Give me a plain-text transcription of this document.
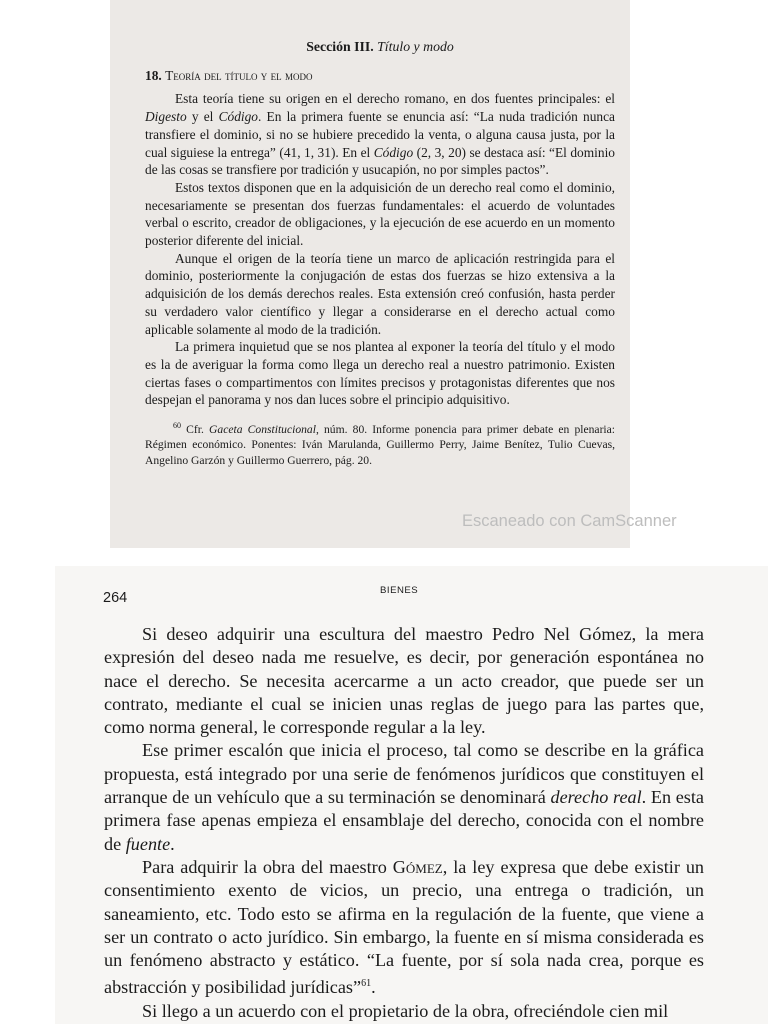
Sección III. Título y modo

18. Teoría del título y el modo

Esta teoría tiene su origen en el derecho romano, en dos fuentes principales: el Digesto y el Código. En la primera fuente se enuncia así: “La nuda tradición nunca transfiere el dominio, si no se hubiere precedido la venta, o alguna causa justa, por la cual siguiese la entrega” (41, 1, 31). En el Código (2, 3, 20) se destaca así: “El dominio de las cosas se transfiere por tradición y usucapión, no por simples pactos”.

Estos textos disponen que en la adquisición de un derecho real como el dominio, necesariamente se presentan dos fuerzas fundamentales: el acuerdo de voluntades verbal o escrito, creador de obligaciones, y la ejecución de ese acuerdo en un momento posterior diferente del inicial.

Aunque el origen de la teoría tiene un marco de aplicación restringida para el dominio, posteriormente la conjugación de estas dos fuerzas se hizo extensiva a la adquisición de los demás derechos reales. Esta extensión creó confusión, hasta perder su verdadero valor científico y llegar a considerarse en el derecho actual como aplicable solamente al modo de la tradición.

La primera inquietud que se nos plantea al exponer la teoría del título y el modo es la de averiguar la forma como llega un derecho real a nuestro patrimonio. Existen ciertas fases o compartimentos con límites precisos y protagonistas diferentes que nos despejan el panorama y nos dan luces sobre el principio adquisitivo.

$^{60}$ Cfr. Gaceta Constitucional, núm. 80. Informe ponencia para primer debate en plenaria: Régimen económico. Ponentes: Iván Marulanda, Guillermo Perry, Jaime Benítez, Tulio Cuevas, Angelino Garzón y Guillermo Guerrero, pág. 20.

Escaneado con CamScanner
264	BIENES

Si deseo adquirir una escultura del maestro Pedro Nel Gómez, la mera expresión del deseo nada me resuelve, es decir, por generación espontánea no nace el derecho. Se necesita acercarme a un acto creador, que puede ser un contrato, mediante el cual se inicien unas reglas de juego para las partes que, como norma general, le corresponde regular a la ley.

Ese primer escalón que inicia el proceso, tal como se describe en la gráfica propuesta, está integrado por una serie de fenómenos jurídicos que constituyen el arranque de un vehículo que a su terminación se denominará derecho real. En esta primera fase apenas empieza el ensamblaje del derecho, conocida con el nombre de fuente.

Para adquirir la obra del maestro Gómez, la ley expresa que debe existir un consentimiento exento de vicios, un precio, una entrega o tradición, un saneamiento, etc. Todo esto se afirma en la regulación de la fuente, que viene a ser un contrato o acto jurídico. Sin embargo, la fuente en sí misma considerada es un fenómeno abstracto y estático. “La fuente, por sí sola nada crea, porque es abstracción y posibilidad jurídicas”$^{61}$.

Si llego a un acuerdo con el propietario de la obra, ofreciéndole cien mil
